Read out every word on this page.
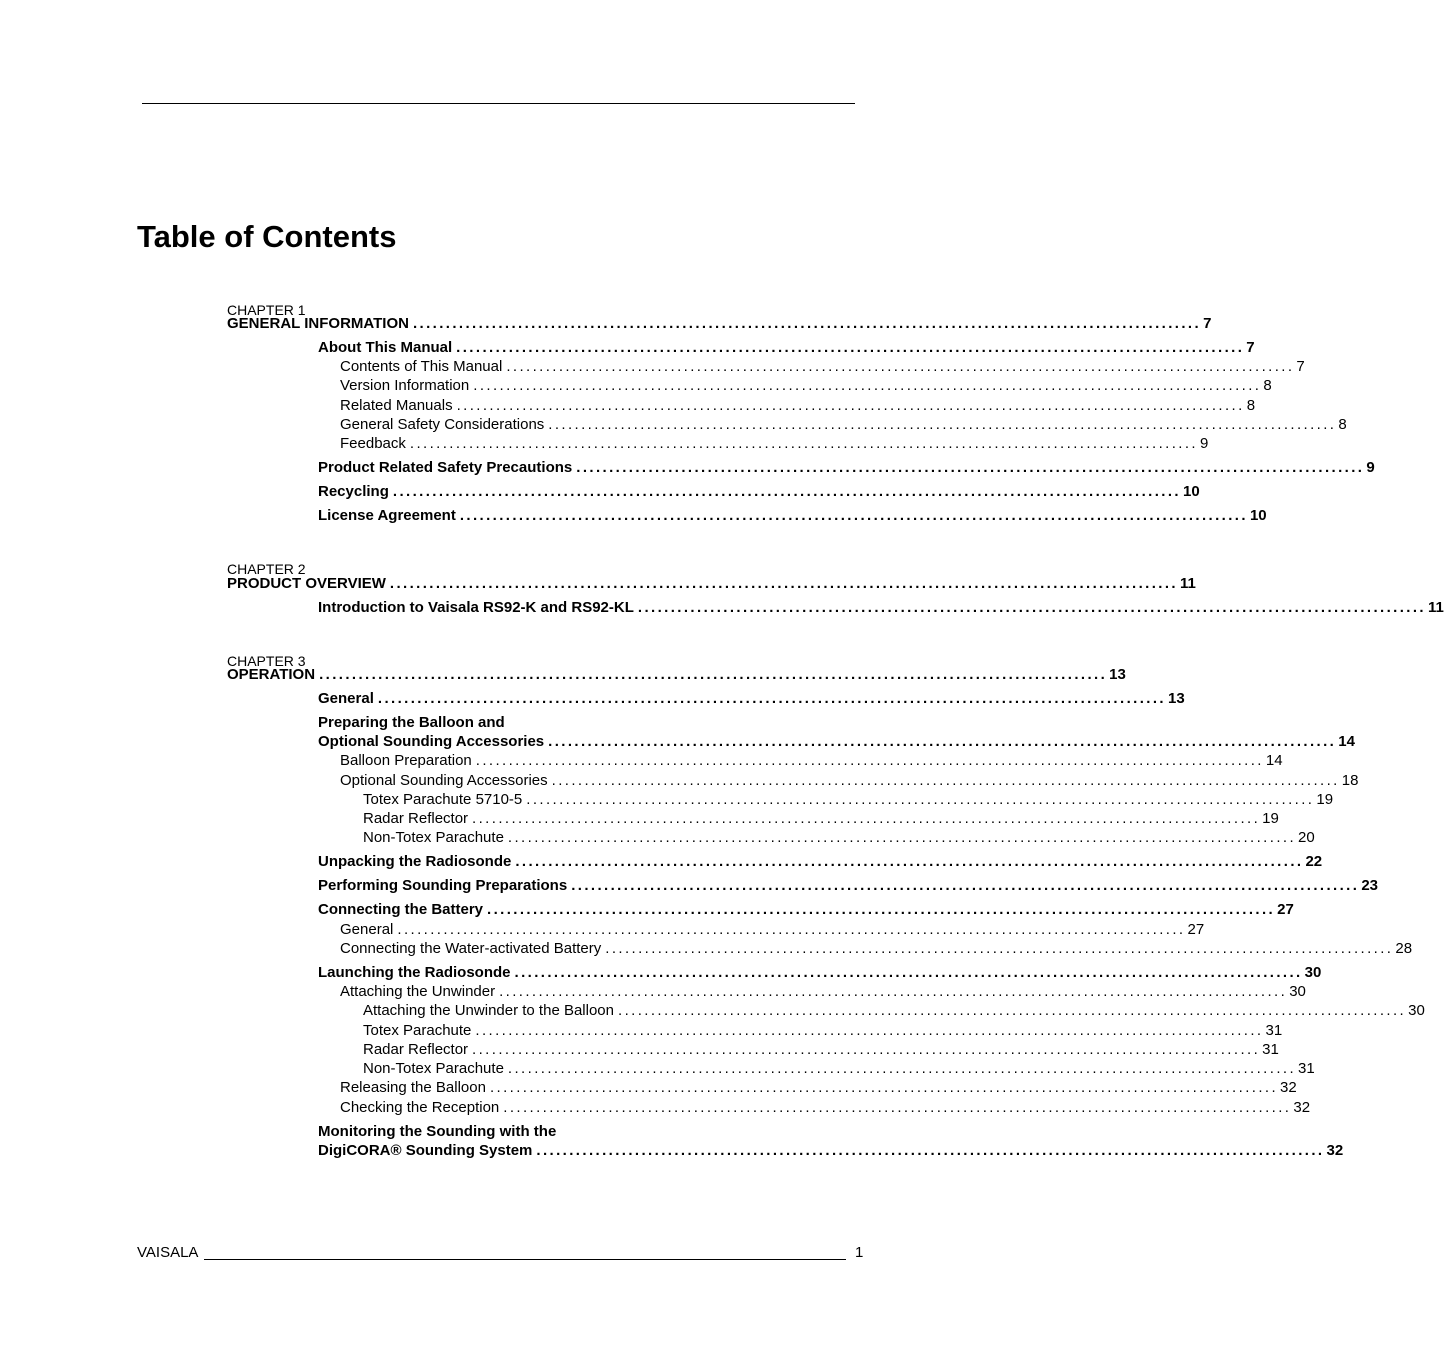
Table of Contents
CHAPTER 1
GENERAL INFORMATION ........................................................................................................................ 7
About This Manual ........................................................................................................................ 7
Contents of This Manual ........................................................................................................................ 7
Version Information ........................................................................................................................ 8
Related Manuals ........................................................................................................................ 8
General Safety Considerations ........................................................................................................................ 8
Feedback ........................................................................................................................ 9
Product Related Safety Precautions ........................................................................................................................ 9
Recycling ........................................................................................................................ 10
License Agreement ........................................................................................................................ 10
CHAPTER 2
PRODUCT OVERVIEW ........................................................................................................................ 11
Introduction to Vaisala RS92-K and RS92-KL ........................................................................................................................ 11
CHAPTER 3
OPERATION ........................................................................................................................ 13
General ........................................................................................................................ 13
Preparing the Balloon and
Optional Sounding Accessories ........................................................................................................................ 14
Balloon Preparation ........................................................................................................................ 14
Optional Sounding Accessories ........................................................................................................................ 18
Totex Parachute 5710-5 ........................................................................................................................ 19
Radar Reflector ........................................................................................................................ 19
Non-Totex Parachute ........................................................................................................................ 20
Unpacking the Radiosonde ........................................................................................................................ 22
Performing Sounding Preparations ........................................................................................................................ 23
Connecting the Battery ........................................................................................................................ 27
General ........................................................................................................................ 27
Connecting the Water-activated Battery ........................................................................................................................ 28
Launching the Radiosonde ........................................................................................................................ 30
Attaching the Unwinder ........................................................................................................................ 30
Attaching the Unwinder to the Balloon ........................................................................................................................ 30
Totex Parachute ........................................................................................................................ 31
Radar Reflector ........................................................................................................................ 31
Non-Totex Parachute ........................................................................................................................ 31
Releasing the Balloon ........................................................................................................................ 32
Checking the Reception ........................................................................................................................ 32
Monitoring the Sounding with the
DigiCORA® Sounding System ........................................................................................................................ 32
VAISALA	1
